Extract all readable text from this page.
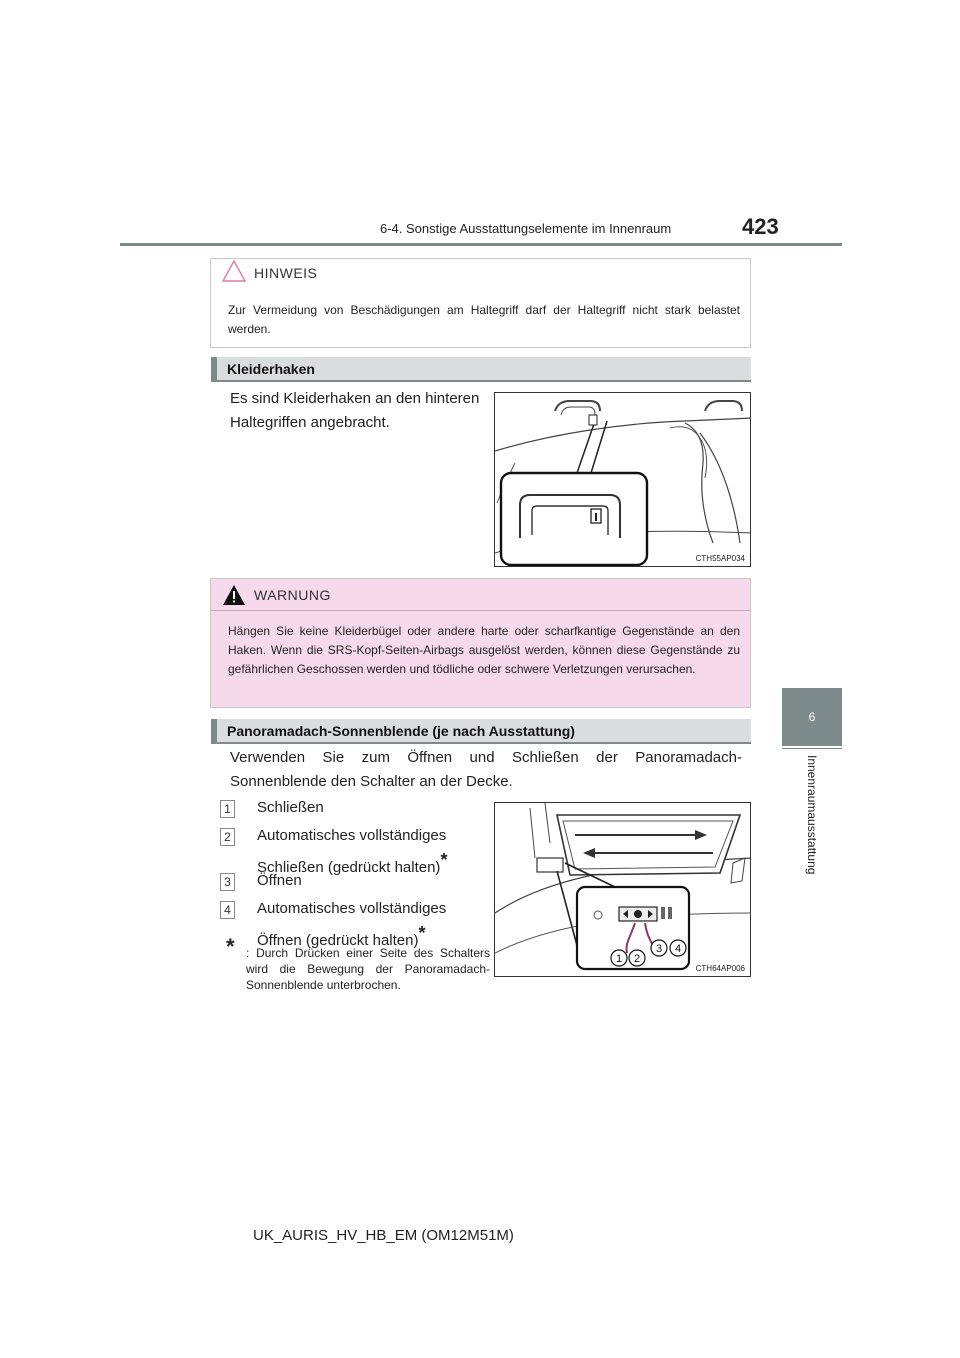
6-4. Sonstige Ausstattungselemente im Innenraum	423
6
Innenraumausstattung
HINWEIS
Zur Vermeidung von Beschädigungen am Haltegriff darf der Haltegriff nicht stark belastet werden.
Kleiderhaken
Es sind Kleiderhaken an den hinteren Haltegriffen angebracht.
CTH55AP034
WARNUNG
Hängen Sie keine Kleiderbügel oder andere harte oder scharfkantige Gegenstände an den Haken. Wenn die SRS-Kopf-Seiten-Airbags ausgelöst werden, können diese Gegenstände zu gefährlichen Geschossen werden und tödliche oder schwere Verletzungen verursachen.
Panoramadach-Sonnenblende (je nach Ausstattung)
Verwenden Sie zum Öffnen und Schließen der Panoramadach-Sonnenblende den Schalter an der Decke.
1 Schließen
2 Automatisches vollständiges Schließen (gedrückt halten)*
3 Öffnen
4 Automatisches vollständiges Öffnen (gedrückt halten)*
* : Durch Drücken einer Seite des Schalters wird die Bewegung der Panoramadach-Sonnenblende unterbrochen.
1 2
3 4
CTH64AP006
UK_AURIS_HV_HB_EM (OM12M51M)
